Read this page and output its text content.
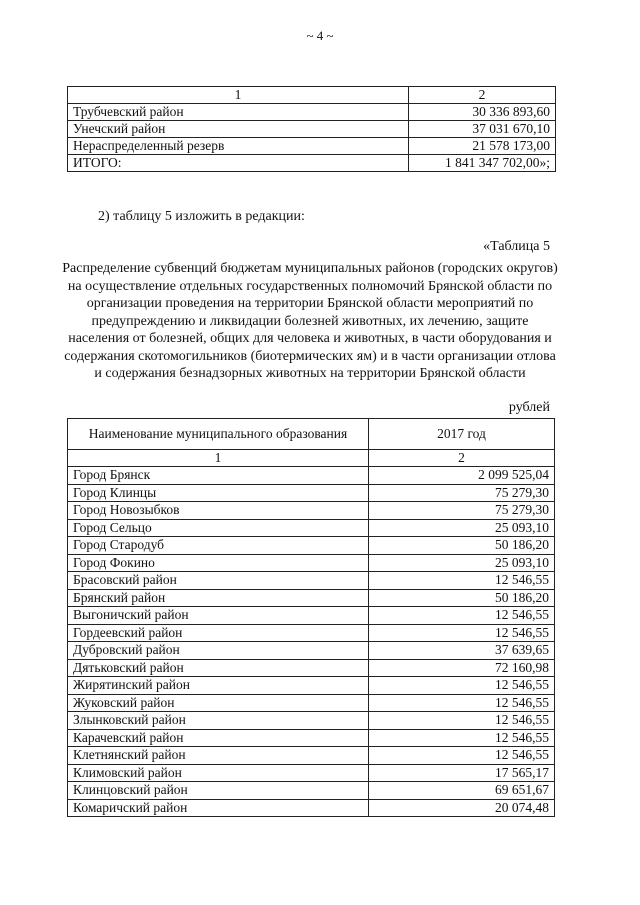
~ 4 ~
1	2
Трубчевский район	30 336 893,60
Унечский район	37 031 670,10
Нераспределенный резерв	21 578 173,00
ИТОГО:	1 841 347 702,00»;
2) таблицу 5 изложить в редакции:
«Таблица 5
Распределение субвенций бюджетам муниципальных районов (городских округов) на осуществление отдельных государственных полномочий Брянской области по организации проведения на территории Брянской области мероприятий по предупреждению и ликвидации болезней животных, их лечению, защите населения от болезней, общих для человека и животных, в части оборудования и содержания скотомогильников (биотермических ям) и в части организации отлова и содержания безнадзорных животных на территории Брянской области
рублей
Наименование муниципального образования	2017 год
1	2
Город Брянск	2 099 525,04
Город Клинцы	75 279,30
Город Новозыбков	75 279,30
Город Сельцо	25 093,10
Город Стародуб	50 186,20
Город Фокино	25 093,10
Брасовский район	12 546,55
Брянский район	50 186,20
Выгоничский район	12 546,55
Гордеевский район	12 546,55
Дубровский район	37 639,65
Дятьковский район	72 160,98
Жирятинский район	12 546,55
Жуковский район	12 546,55
Злынковский район	12 546,55
Карачевский район	12 546,55
Клетнянский район	12 546,55
Климовский район	17 565,17
Клинцовский район	69 651,67
Комаричский район	20 074,48
